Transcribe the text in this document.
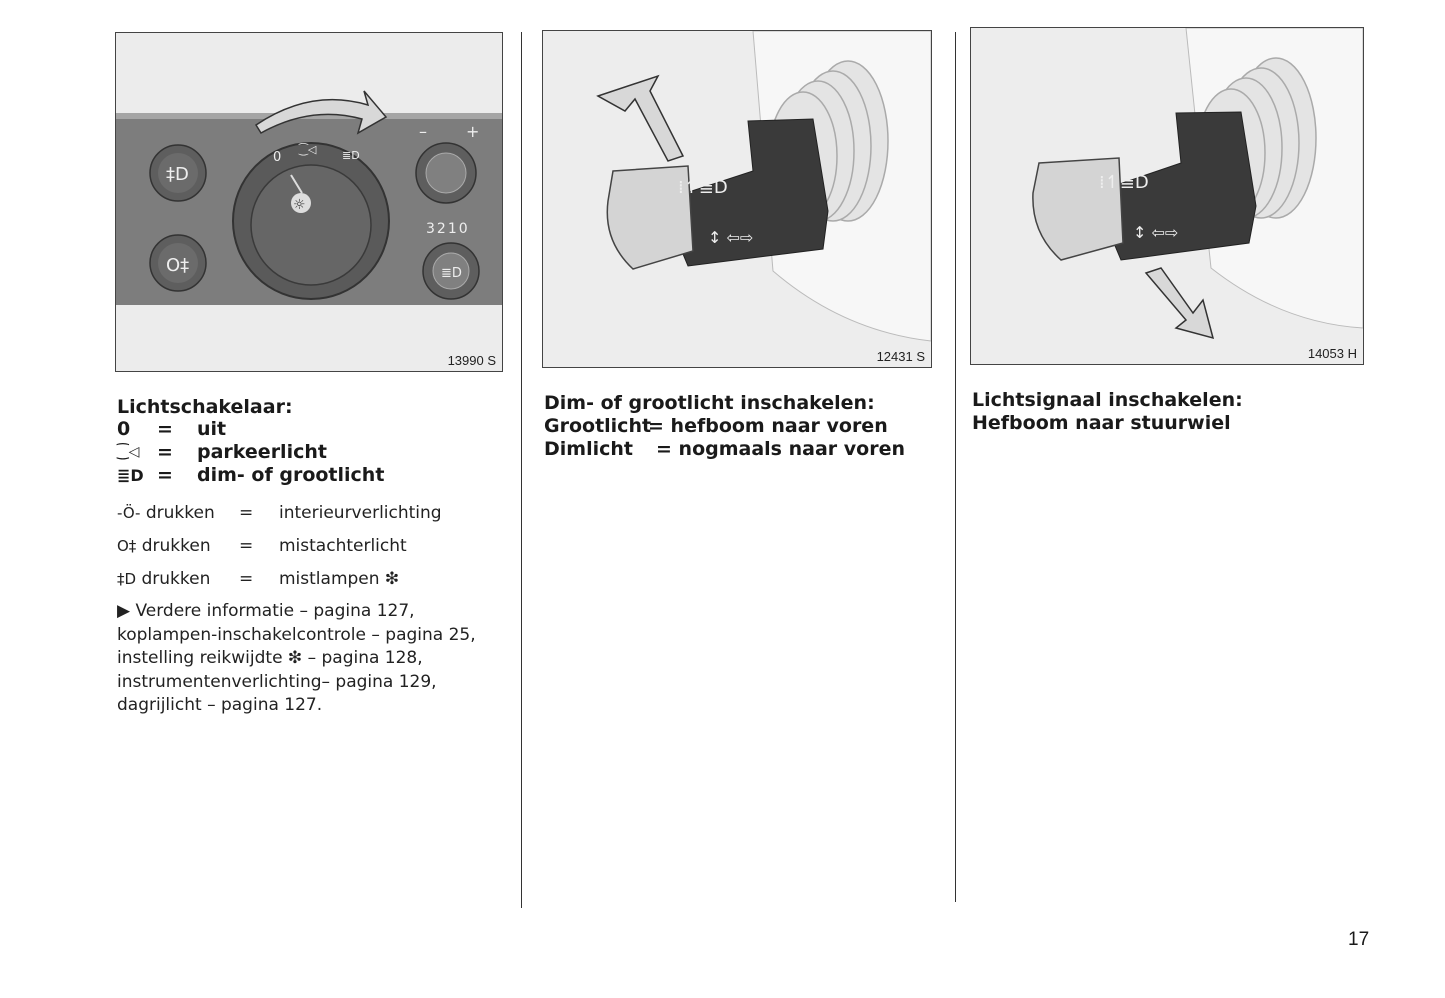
‡D
O‡
☼
⁐◁ ≣D
0
– +
≣D
3210
13990 S
⁞↿≣D
↕ ⇦⇨
12431 S
⁞↿≣D
↕ ⇦⇨
14053 H
Lichtschakelaar:
0 = uit
⁐◁ = parkeerlicht
≣D = dim- of grootlicht
-Ö- drukken = interieurverlichting
O‡ drukken = mistachterlicht
‡D drukken = mistlampen ❇
▶ Verdere informatie – pagina 127,
koplampen-inschakelcontrole – pagina 25,
instelling reikwijdte ❇ – pagina 128,
instrumentenverlichting– pagina 129,
dagrijlicht – pagina 127.
Dim- of grootlicht inschakelen:
Grootlicht= hefboom naar voren
Dimlicht = nogmaals naar voren
Lichtsignaal inschakelen:
Hefboom naar stuurwiel
17
